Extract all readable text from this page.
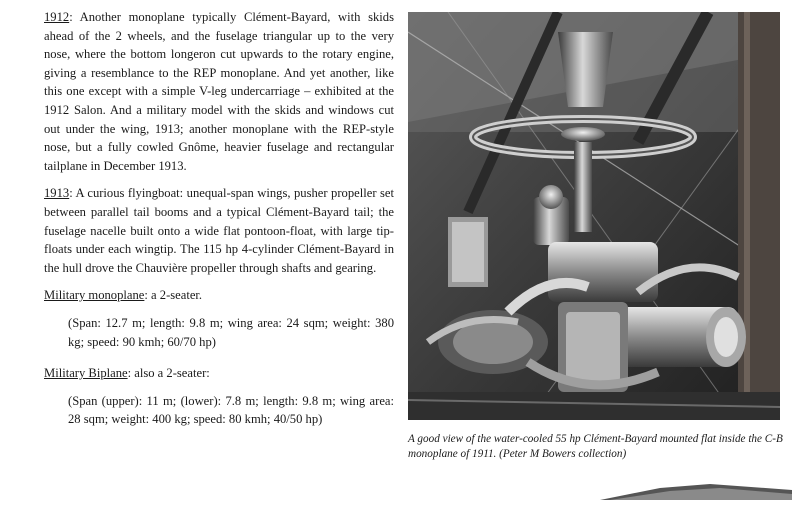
1912: Another monoplane typically Clément-Bayard, with skids ahead of the 2 wheels, and the fuselage triangular up to the very nose, where the bottom longeron cut upwards to the rotary engine, giving a resemblance to the REP monoplane. And yet another, like this one except with a simple V-leg undercarriage – exhibited at the 1912 Salon. And a military model with the skids and windows cut out under the wing, 1913; another monoplane with the REP-style nose, but a fully cowled Gnôme, heavier fuselage and rectangular tailplane in December 1913.

1913: A curious flyingboat: unequal-span wings, pusher propeller set between parallel tail booms and a typical Clément-Bayard tail; the fuselage nacelle built onto a wide flat pontoon-float, with large tip-floats under each wingtip. The 115 hp 4-cylinder Clément-Bayard in the hull drove the Chauvière propeller through shafts and gearing.

Military monoplane: a 2-seater.

(Span: 12.7 m; length: 9.8 m; wing area: 24 sqm; weight: 380 kg; speed: 90 kmh; 60/70 hp)

Military Biplane: also a 2-seater:

(Span (upper): 11 m; (lower): 7.8 m; length: 9.8 m; wing area: 28 sqm; weight: 400 kg; speed: 80 kmh; 40/50 hp)

A good view of the water-cooled 55 hp Clément-Bayard mounted flat inside the C-B monoplane of 1911. (Peter M Bowers collection)
